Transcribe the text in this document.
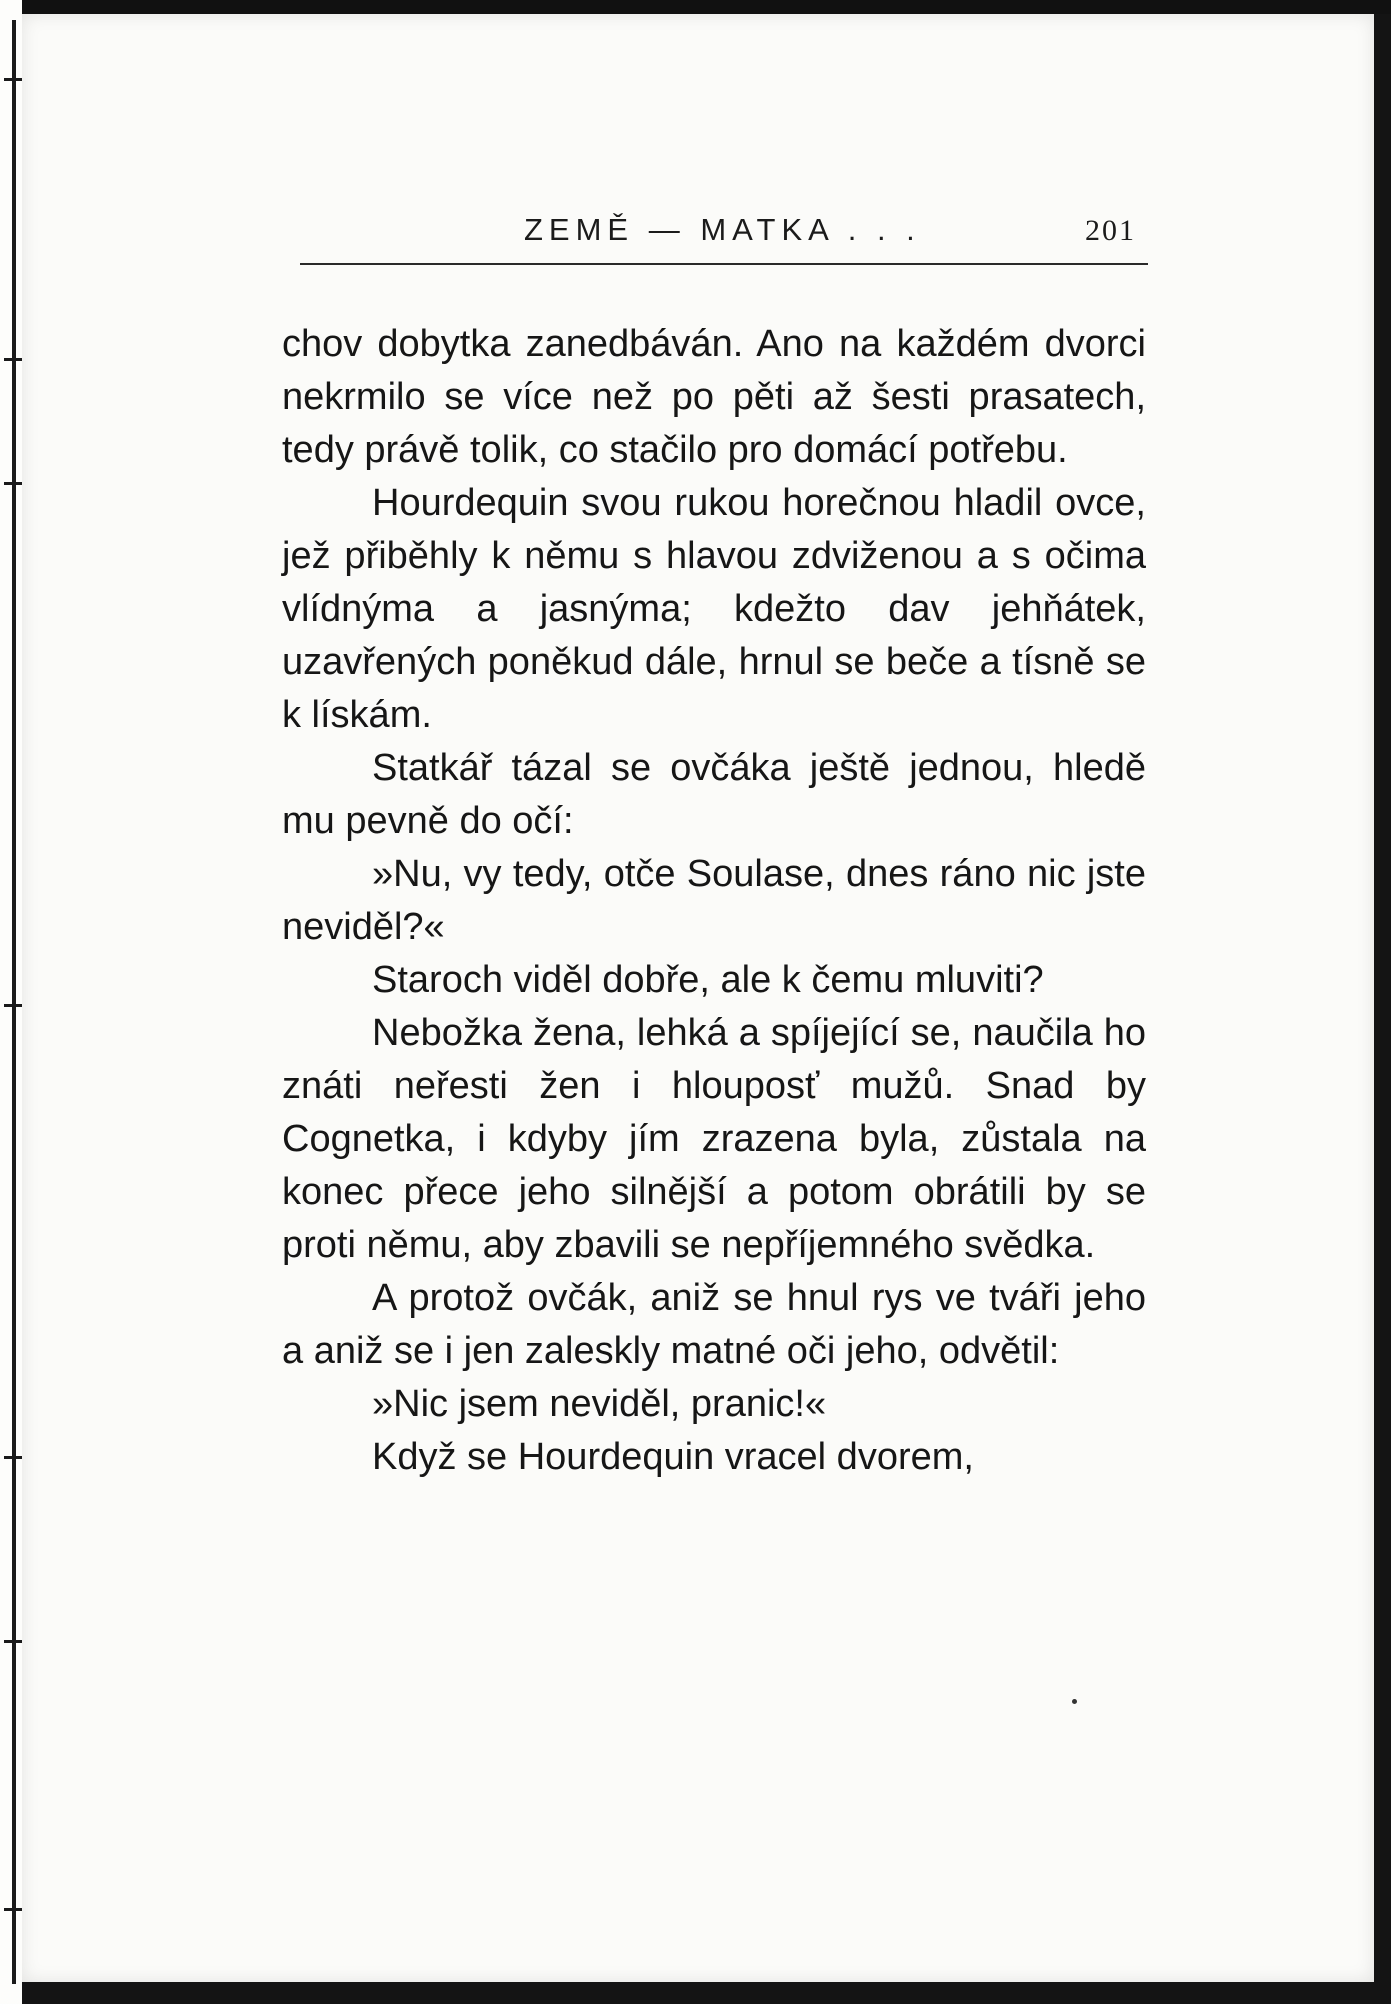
ZEMĚ — MATKA . . .	201

chov dobytka zanedbáván. Ano na každém dvorci nekrmilo se více než po pěti až šesti prasatech, tedy právě tolik, co stačilo pro domácí potřebu.

Hourdequin svou rukou horečnou hladil ovce, jež přiběhly k němu s hlavou zdviženou a s očima vlídnýma a jasnýma; kdežto dav jehňátek, uzavřených poněkud dále, hrnul se beče a tísně se k lískám.

Statkář tázal se ovčáka ještě jednou, hledě mu pevně do očí:

»Nu, vy tedy, otče Soulase, dnes ráno nic jste neviděl?«

Staroch viděl dobře, ale k čemu mluviti?

Nebožka žena, lehká a spíjející se, naučila ho znáti neřesti žen i hlouposť mužů. Snad by Cognetka, i kdyby jím zrazena byla, zůstala na konec přece jeho silnější a potom obrátili by se proti němu, aby zbavili se nepříjemného svědka.

A protož ovčák, aniž se hnul rys ve tváři jeho a aniž se i jen zaleskly matné oči jeho, odvětil:

»Nic jsem neviděl, pranic!«

Když se Hourdequin vracel dvorem,
